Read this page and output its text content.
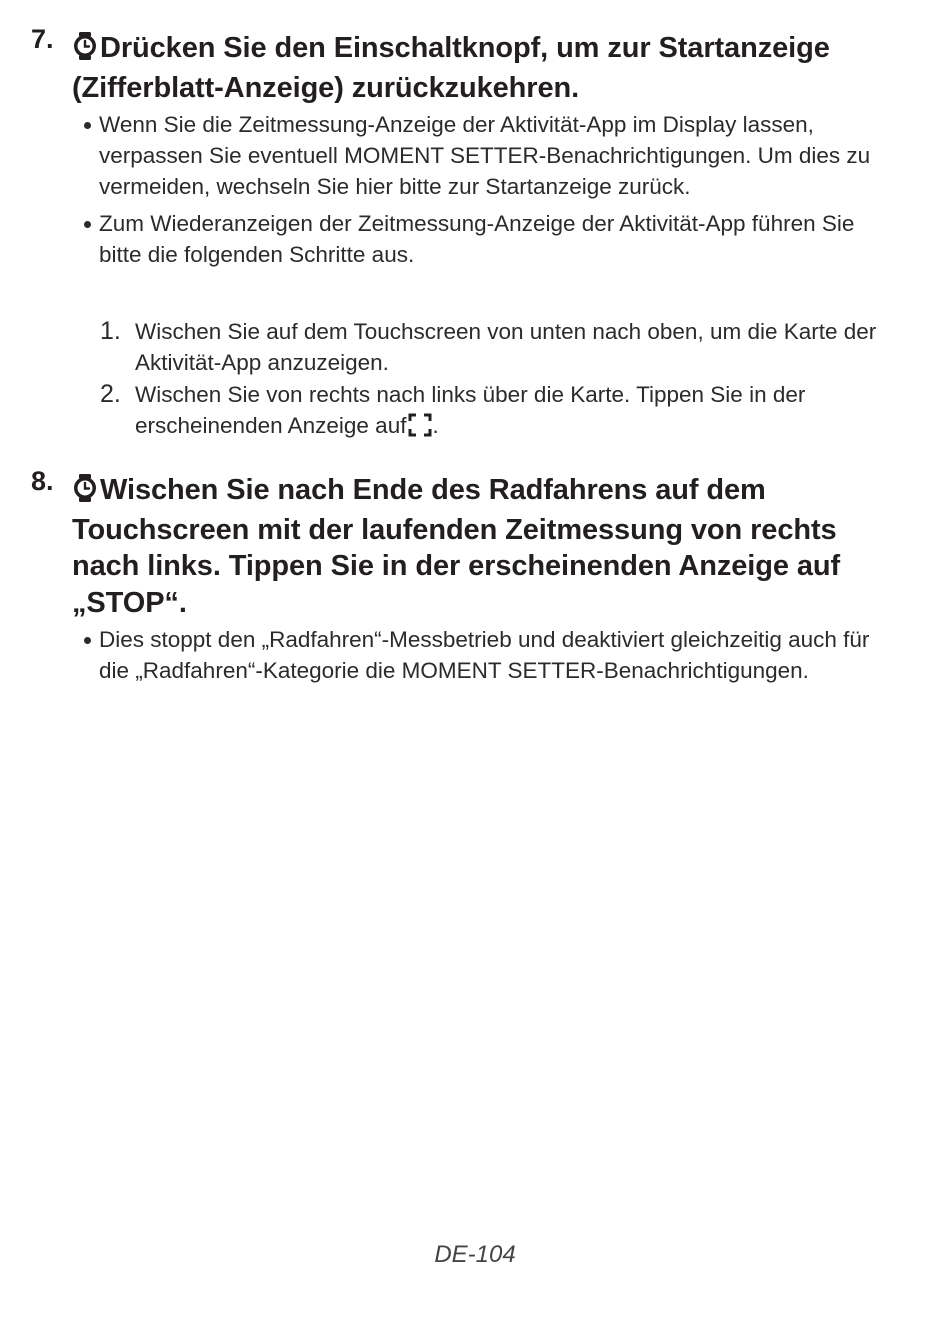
7.	Drücken Sie den Einschaltknopf, um zur Startanzeige (Zifferblatt-Anzeige) zurückzukehren.
Wenn Sie die Zeitmessung-Anzeige der Aktivität-App im Display lassen, verpassen Sie eventuell MOMENT SETTER-Benachrichtigungen. Um dies zu vermeiden, wechseln Sie hier bitte zur Startanzeige zurück.
Zum Wiederanzeigen der Zeitmessung-Anzeige der Aktivität-App führen Sie bitte die folgenden Schritte aus.
1. Wischen Sie auf dem Touchscreen von unten nach oben, um die Karte der Aktivität-App anzuzeigen.
2. Wischen Sie von rechts nach links über die Karte. Tippen Sie in der erscheinenden Anzeige auf .
8.	Wischen Sie nach Ende des Radfahrens auf dem Touchscreen mit der laufenden Zeitmessung von rechts nach links. Tippen Sie in der erscheinenden Anzeige auf „STOP“.
Dies stoppt den „Radfahren“-Messbetrieb und deaktiviert gleichzeitig auch für die „Radfahren“-Kategorie die MOMENT SETTER-Benachrichtigungen.
DE-104
